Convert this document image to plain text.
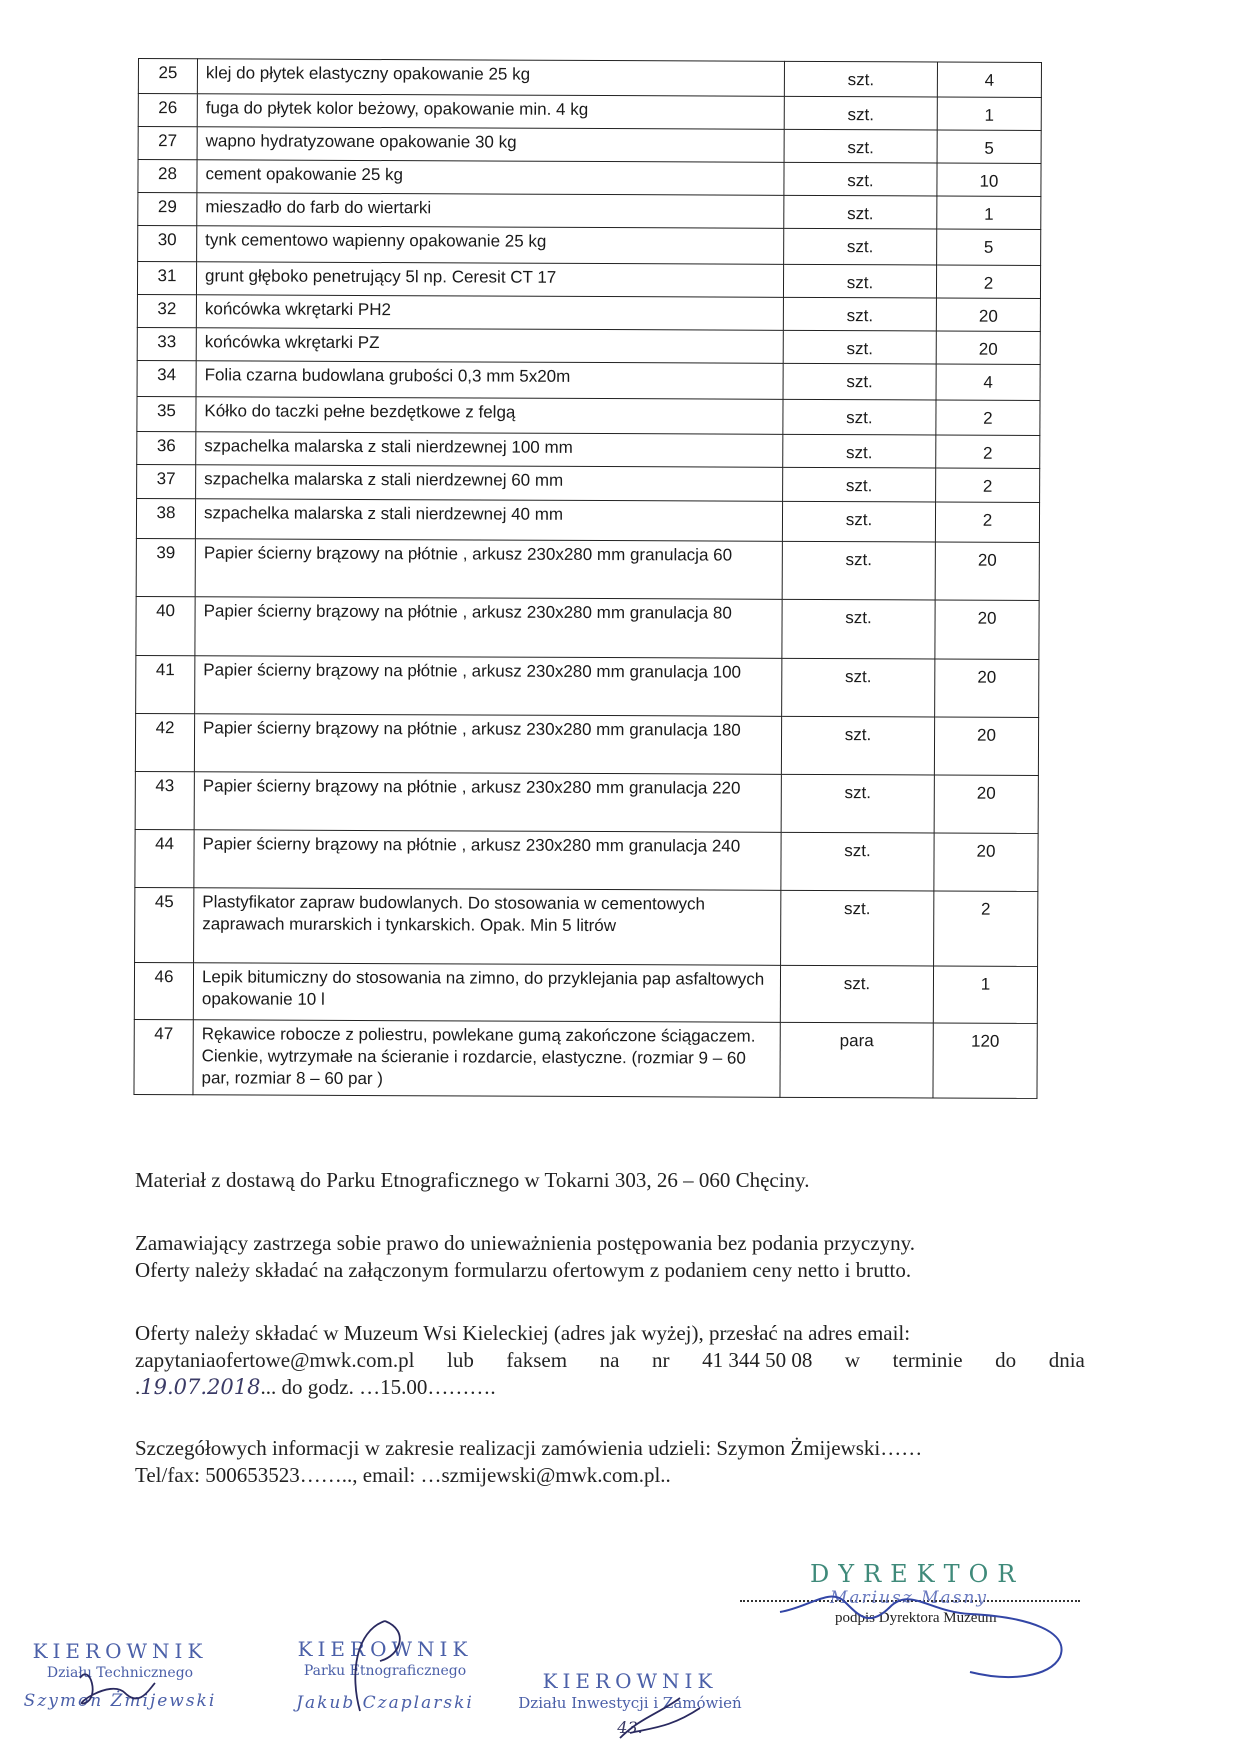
25	klej do płytek elastyczny opakowanie 25 kg	szt.	4
26	fuga do płytek kolor beżowy, opakowanie min. 4 kg	szt.	1
27	wapno hydratyzowane opakowanie 30 kg	szt.	5
28	cement opakowanie 25 kg	szt.	10
29	mieszadło do farb do wiertarki	szt.	1
30	tynk cementowo wapienny opakowanie 25 kg	szt.	5
31	grunt głęboko penetrujący 5l np. Ceresit CT 17	szt.	2
32	końcówka wkrętarki PH2	szt.	20
33	końcówka wkrętarki PZ	szt.	20
34	Folia czarna budowlana grubości 0,3 mm 5x20m	szt.	4
35	Kółko do taczki pełne bezdętkowe z felgą	szt.	2
36	szpachelka malarska z stali nierdzewnej 100 mm	szt.	2
37	szpachelka malarska z stali nierdzewnej 60 mm	szt.	2
38	szpachelka malarska z stali nierdzewnej 40 mm	szt.	2
39	Papier ścierny brązowy na płótnie , arkusz 230x280 mm granulacja 60	szt.	20
40	Papier ścierny brązowy na płótnie , arkusz 230x280 mm granulacja 80	szt.	20
41	Papier ścierny brązowy na płótnie , arkusz 230x280 mm granulacja 100	szt.	20
42	Papier ścierny brązowy na płótnie , arkusz 230x280 mm granulacja 180	szt.	20
43	Papier ścierny brązowy na płótnie , arkusz 230x280 mm granulacja 220	szt.	20
44	Papier ścierny brązowy na płótnie , arkusz 230x280 mm granulacja 240	szt.	20
45	Plastyfikator zapraw budowlanych. Do stosowania w cementowych zaprawach murarskich i tynkarskich. Opak. Min 5 litrów	szt.	2
46	Lepik bitumiczny do stosowania na zimno, do przyklejania pap asfaltowych opakowanie 10 l	szt.	1
47	Rękawice robocze z poliestru, powlekane gumą zakończone ściągaczem. Cienkie, wytrzymałe na ścieranie i rozdarcie, elastyczne. (rozmiar 9 – 60 par, rozmiar 8 – 60 par )	para	120
Materiał z dostawą do Parku Etnograficznego w Tokarni 303, 26 – 060 Chęciny.
Zamawiający zastrzega sobie prawo do unieważnienia postępowania bez podania przyczyny.
Oferty należy składać na załączonym formularzu ofertowym z podaniem ceny netto i brutto.
Oferty należy składać w Muzeum Wsi Kieleckiej (adres jak wyżej), przesłać na adres email:
zapytaniaofertowe@mwk.com.pl lub faksem na nr 41 344 50 08 w terminie do dnia
.19.07.2018... do godz. …15.00……….
Szczegółowych informacji w zakresie realizacji zamówienia udzieli: Szymon Żmijewski……
Tel/fax: 500653523…….., email: …szmijewski@mwk.com.pl..
DYREKTOR
Mariusz Masny
podpis Dyrektora Muzeum
KIEROWNIK
Działu Technicznego
Szymon Żmijewski
KIEROWNIK
Parku Etnograficznego
Jakub Czaplarski
KIEROWNIK
Działu Inwestycji i Zamówień
43.
